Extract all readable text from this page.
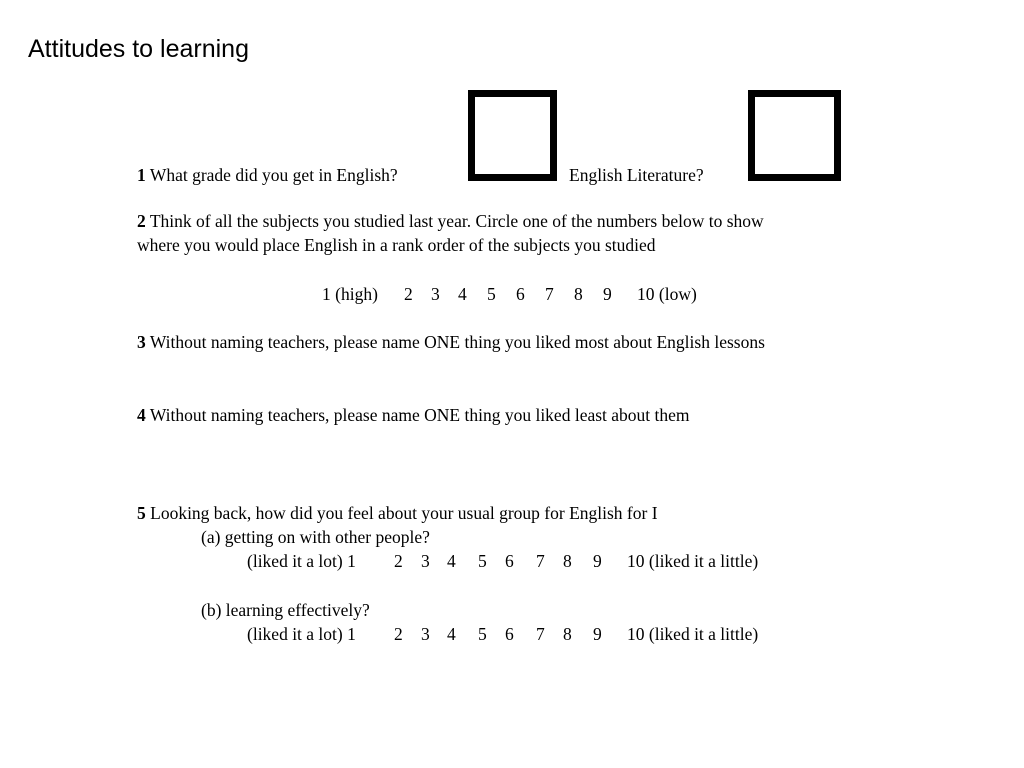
Attitudes to learning
1 What grade did you get in English?	English Literature?
2 Think of all the subjects you studied last year. Circle one of the numbers below to show
where you would place English in a rank order of the subjects you studied
1 (high) 2 3 4 5 6 7 8 9 10 (low)
3 Without naming teachers, please name ONE thing you liked most about English lessons
4 Without naming teachers, please name ONE thing you liked least about them
5 Looking back, how did you feel about your usual group for English for I
(a) getting on with other people?
(liked it a lot) 1 2 3 4 5 6 7 8 9 10 (liked it a little)
(b) learning effectively?
(liked it a lot) 1 2 3 4 5 6 7 8 9 10 (liked it a little)
